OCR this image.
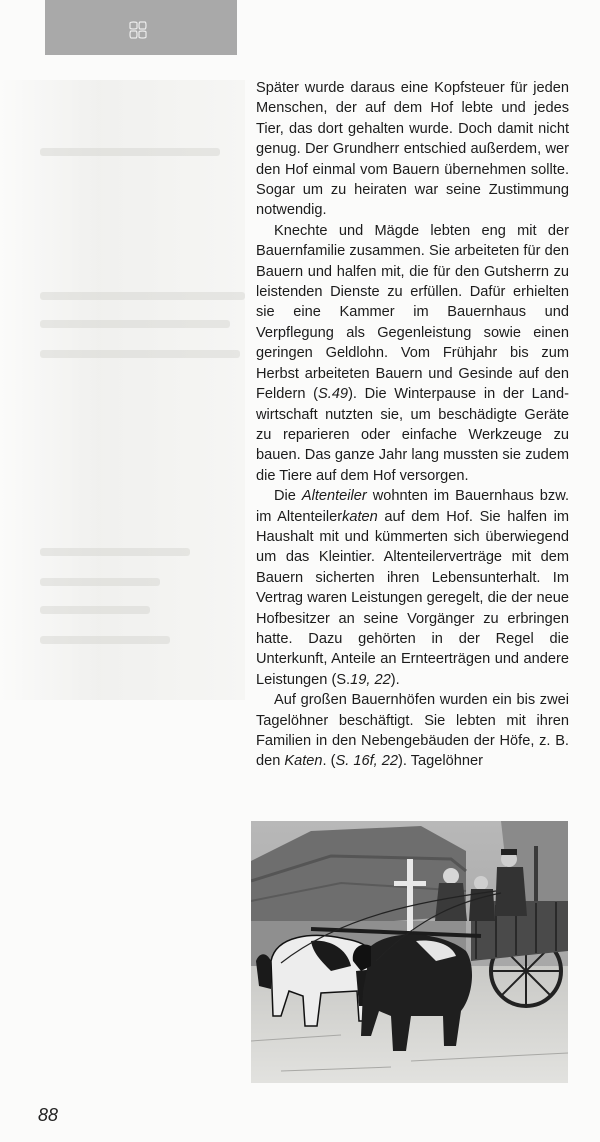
Später wurde daraus eine Kopfsteuer für jeden Menschen, der auf dem Hof lebte und jedes Tier, das dort gehalten wurde. Doch damit nicht genug. Der Grundherr entschied außerdem, wer den Hof einmal vom Bauern übernehmen sollte. Sogar um zu heiraten war seine Zustimmung notwendig.

Knechte und Mägde lebten eng mit der Bauernfamilie zusammen. Sie arbeiteten für den Bauern und halfen mit, die für den Gutsherrn zu leistenden Dienste zu erfüllen. Dafür erhielten sie eine Kammer im Bauernhaus und Verpflegung als Gegenleistung sowie einen geringen Geldlohn. Vom Frühjahr bis zum Herbst arbeiteten Bauern und Gesinde auf den Feldern (S.49). Die Winterpause in der Landwirtschaft nutzten sie, um beschädigte Geräte zu reparieren oder einfache Werkzeuge zu bauen. Das ganze Jahr lang mussten sie zudem die Tiere auf dem Hof versorgen.

Die Altenteiler wohnten im Bauernhaus bzw. im Altenteilerkaten auf dem Hof. Sie halfen im Haushalt mit und kümmerten sich überwiegend um das Kleintier. Altenteilerverträge mit dem Bauern sicherten ihren Lebensunterhalt. Im Vertrag waren Leistungen geregelt, die der neue Hofbesitzer an seine Vorgänger zu erbringen hatte. Dazu gehörten in der Regel die Unterkunft, Anteile an Ernteerträgen und andere Leistungen (S.19, 22).

Auf großen Bauernhöfen wurden ein bis zwei Tagelöhner beschäftigt. Sie lebten mit ihren Familien in den Nebengebäuden der Höfe, z. B. den Katen. (S. 16f, 22). Tagelöhner

88
